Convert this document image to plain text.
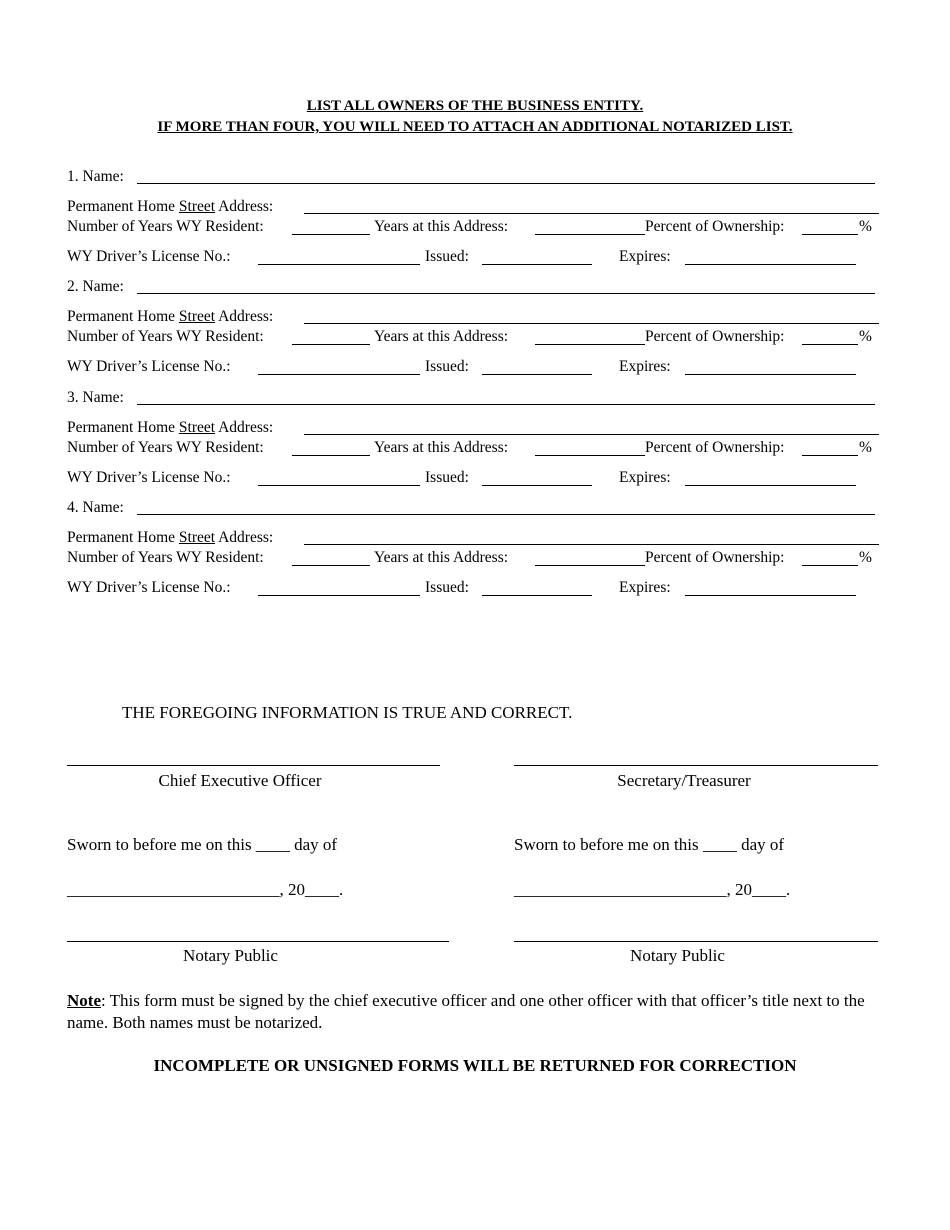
LIST ALL OWNERS OF THE BUSINESS ENTITY.
IF MORE THAN FOUR, YOU WILL NEED TO ATTACH AN ADDITIONAL NOTARIZED LIST.
1. Name:
Permanent Home Street Address:
Number of Years WY Resident:	Years at this Address:	Percent of Ownership:	%
WY Driver’s License No.:	Issued:	Expires:
2. Name:
Permanent Home Street Address:
Number of Years WY Resident:	Years at this Address:	Percent of Ownership:	%
WY Driver’s License No.:	Issued:	Expires:
3. Name:
Permanent Home Street Address:
Number of Years WY Resident:	Years at this Address:	Percent of Ownership:	%
WY Driver’s License No.:	Issued:	Expires:
4. Name:
Permanent Home Street Address:
Number of Years WY Resident:	Years at this Address:	Percent of Ownership:	%
WY Driver’s License No.:	Issued:	Expires:
THE FOREGOING INFORMATION IS TRUE AND CORRECT.
Chief Executive Officer	Secretary/Treasurer
Sworn to before me on this ____ day of	Sworn to before me on this ____ day of
_________________________, 20____.	_________________________, 20____.
Notary Public	Notary Public
Note: This form must be signed by the chief executive officer and one other officer with that officer’s title next to the name. Both names must be notarized.
INCOMPLETE OR UNSIGNED FORMS WILL BE RETURNED FOR CORRECTION
